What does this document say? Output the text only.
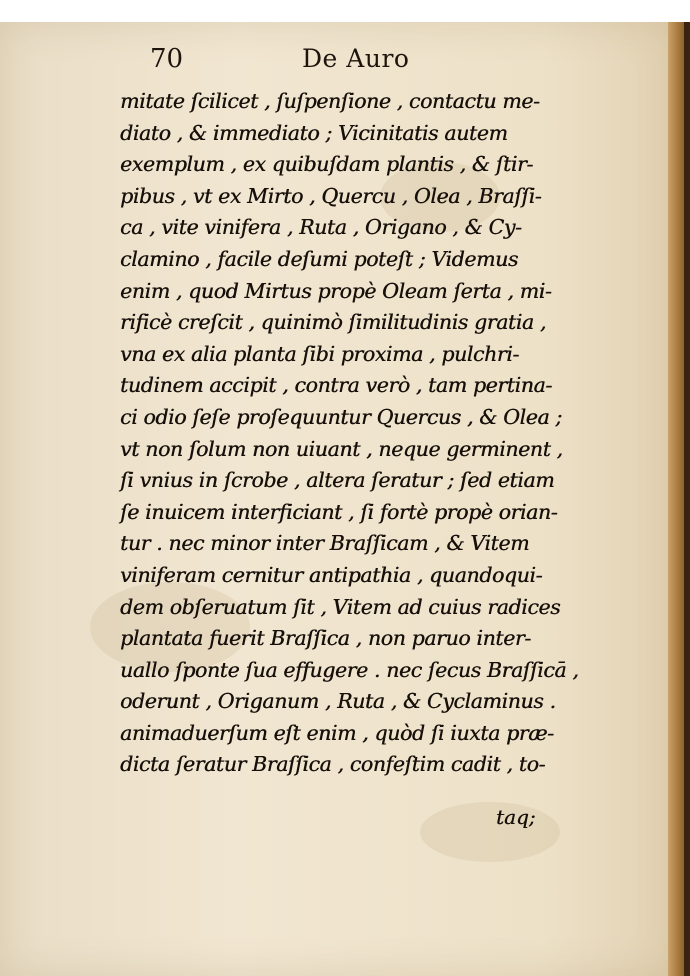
70	De Auro
mitate ſcilicet , ſuſpenſione , contactu me-
diato , & immediato ; Vicinitatis autem
exemplum , ex quibuſdam plantis , & ſtir-
pibus , vt ex Mirto , Quercu , Olea , Braſſi-
ca , vite vinifera , Ruta , Origano , & Cy-
clamino , facile deſumi poteſt ; Videmus
enim , quod Mirtus propè Oleam ſerta , mi-
rificè creſcit , quinimò ſimilitudinis gratia ,
vna ex alia planta ſibi proxima , pulchri-
tudinem accipit , contra verò , tam pertina-
ci odio ſeſe proſequuntur Quercus , & Olea ;
vt non ſolum non uiuant , neque germinent ,
ſi vnius in ſcrobe , altera ſeratur ; ſed etiam
ſe inuicem interficiant , ſi fortè propè orian-
tur . nec minor inter Braſſicam , & Vitem
viniferam cernitur antipathia , quandoqui-
dem obſeruatum ſit , Vitem ad cuius radices
plantata fuerit Braſſica , non paruo inter-
uallo ſponte ſua effugere . nec ſecus Braſſicā ,
oderunt , Origanum , Ruta , & Cyclaminus .
animaduerſum eſt enim , quòd ſi iuxta præ-
dicta ſeratur Braſſica , confeſtim cadit , to-
taq;
